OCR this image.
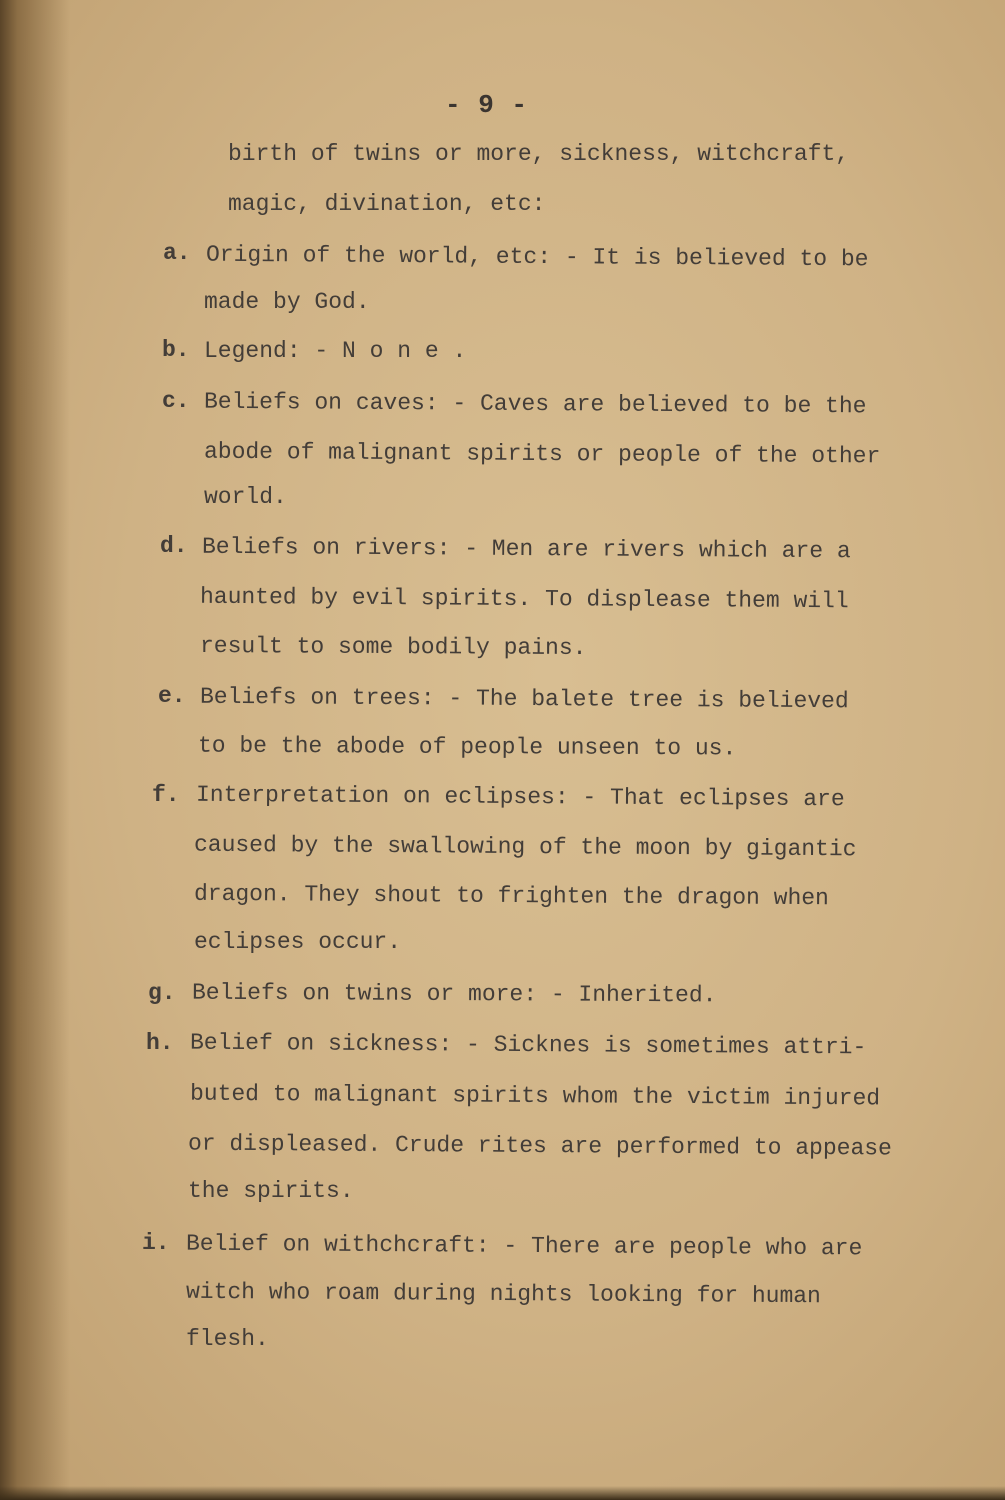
- 9 -
birth of twins or more, sickness, witchcraft,
magic, divination, etc:
a. Origin of the world, etc: - It is believed to be
made by God.
b. Legend: - N o n e .
c. Beliefs on caves: - Caves are believed to be the
abode of malignant spirits or people of the other
world.
d. Beliefs on rivers: - Men are rivers which are a
haunted by evil spirits. To displease them will
result to some bodily pains.
e. Beliefs on trees: - The balete tree is believed
to be the abode of people unseen to us.
f. Interpretation on eclipses: - That eclipses are
caused by the swallowing of the moon by gigantic
dragon. They shout to frighten the dragon when
eclipses occur.
g. Beliefs on twins or more: - Inherited.
h. Belief on sickness: - Sicknes is sometimes attri-
buted to malignant spirits whom the victim injured
or displeased. Crude rites are performed to appease
the spirits.
i. Belief on withchcraft: - There are people who are
witch who roam during nights looking for human
flesh.
